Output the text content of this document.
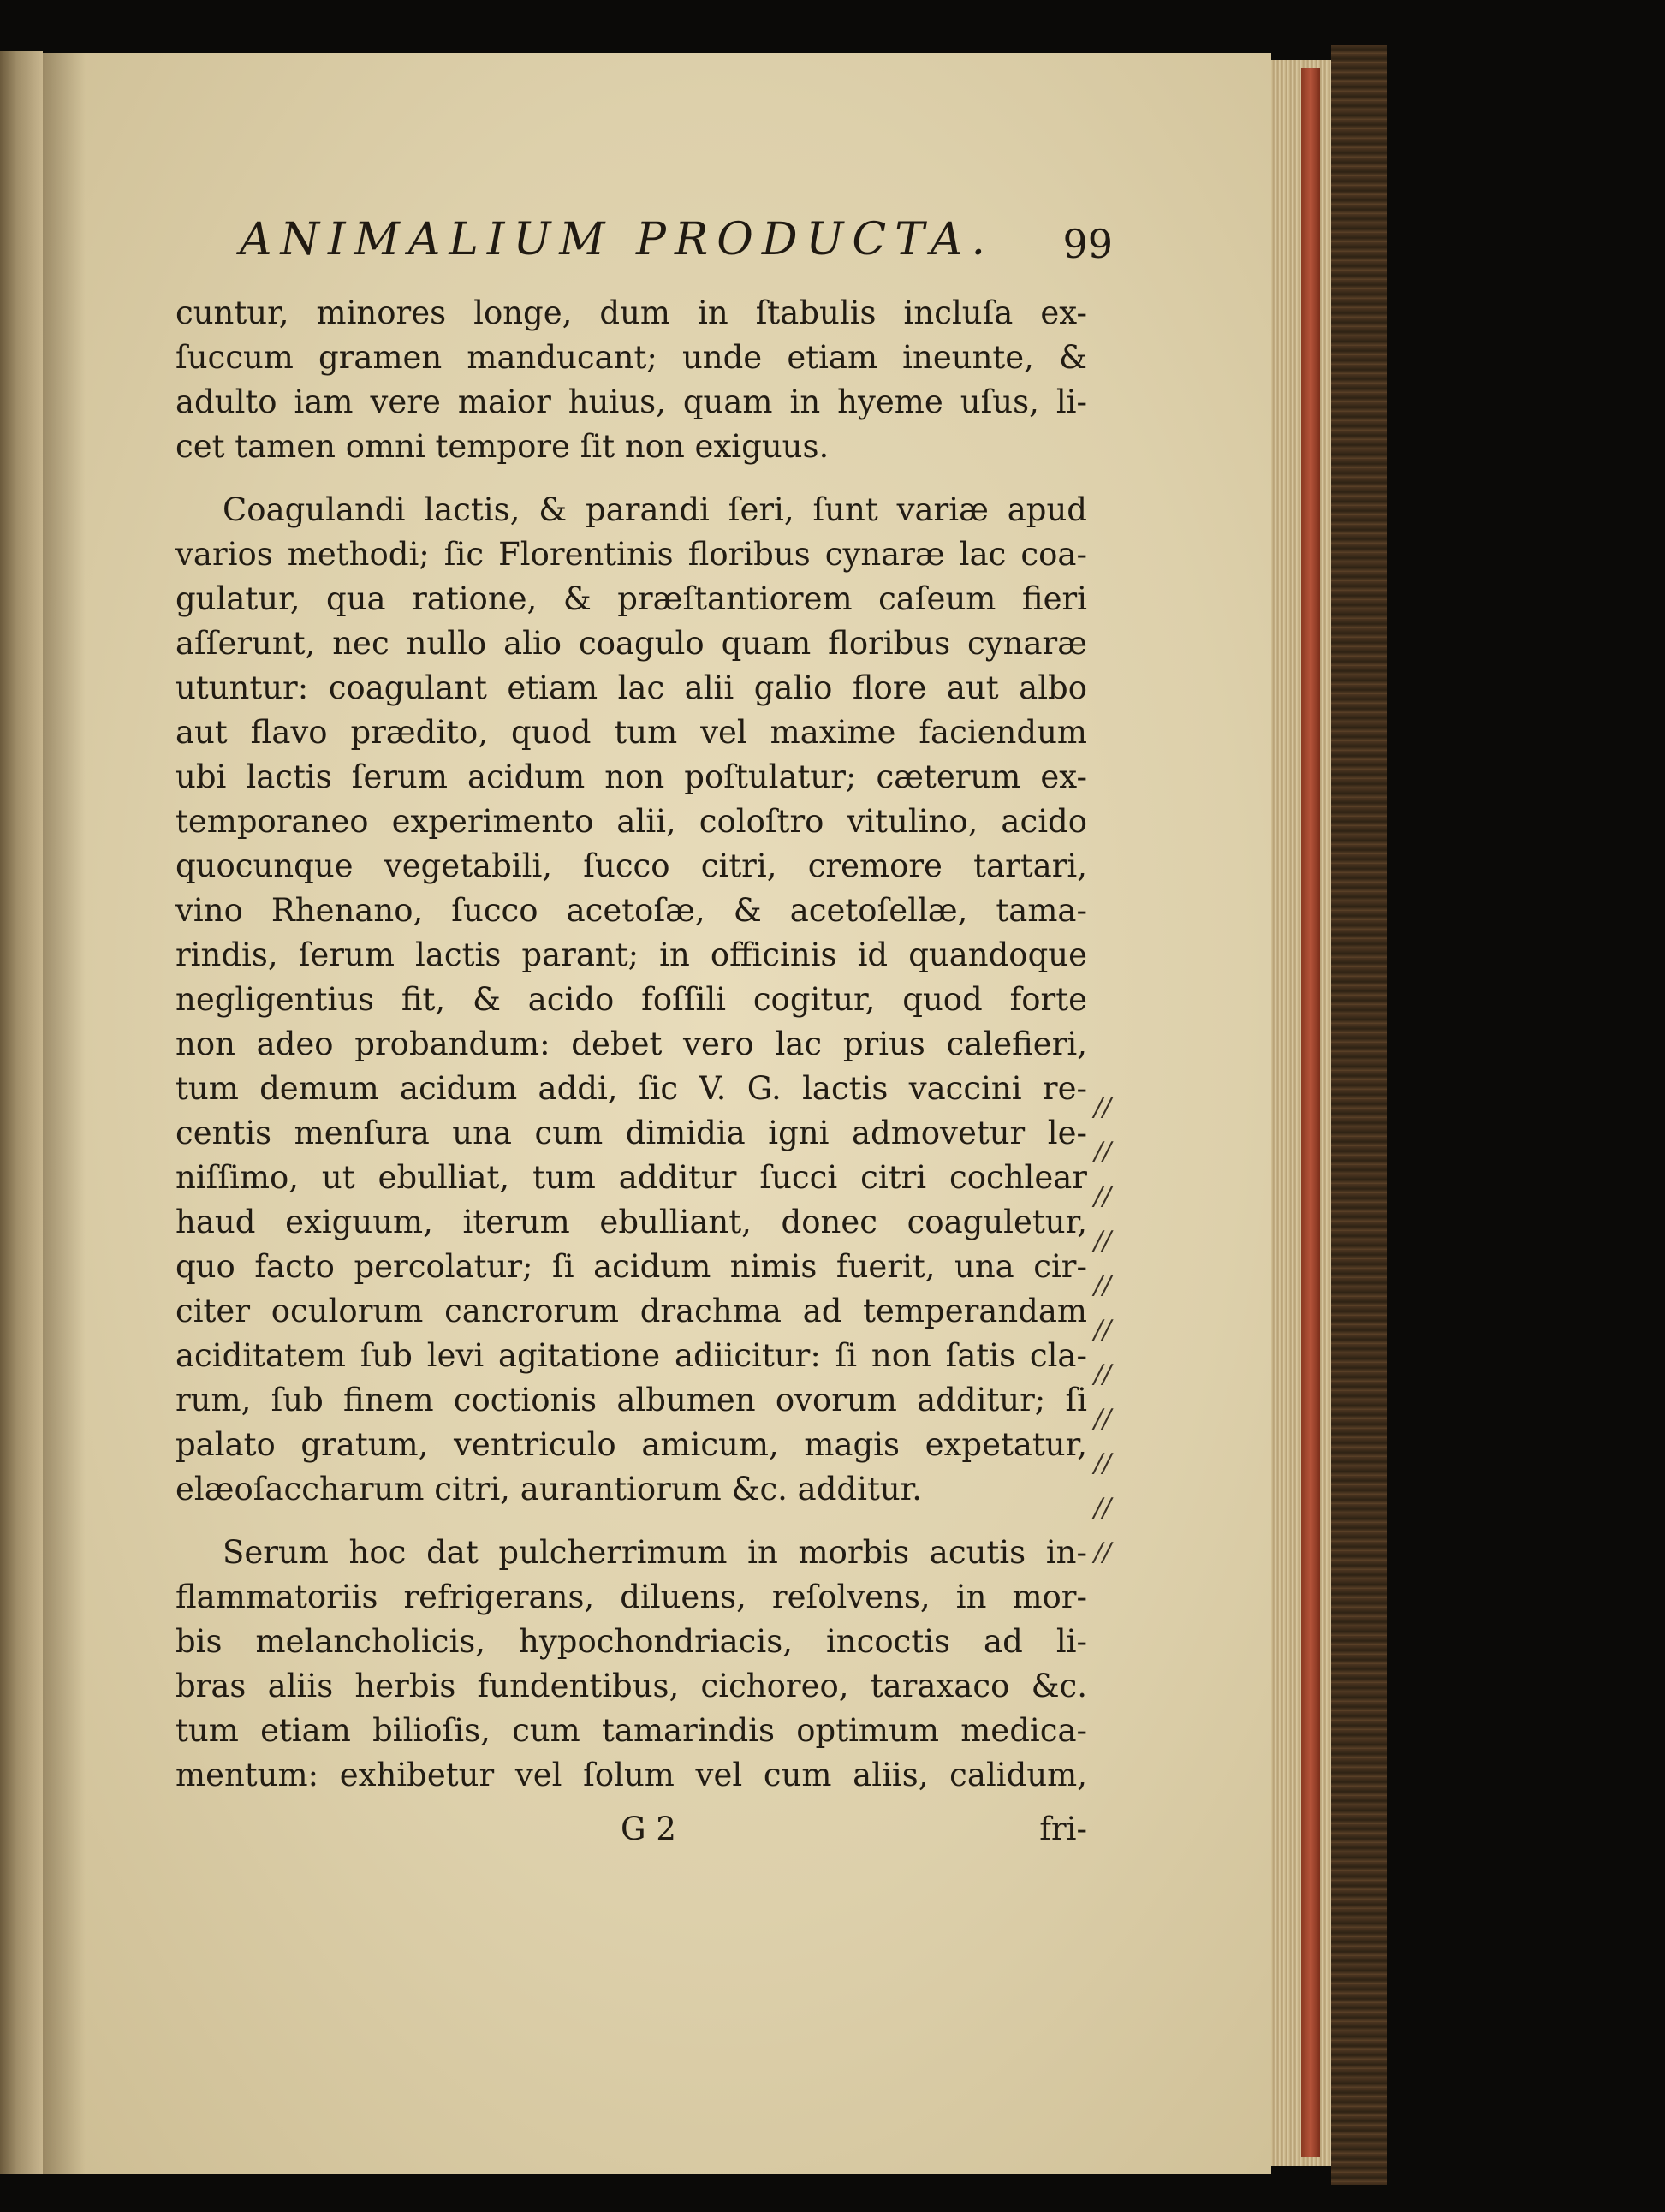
ANIMALIUM PRODUCTA. 99
cuntur, minores longe, dum in ſtabulis incluſa ex-
ſuccum gramen manducant; unde etiam ineunte, &
adulto iam vere maior huius, quam in hyeme uſus, li-
cet tamen omni tempore ſit non exiguus.
Coagulandi lactis, & parandi ſeri, ſunt variæ apud
varios methodi; ſic Florentinis floribus cynaræ lac coa-
gulatur, qua ratione, & præſtantiorem caſeum fieri
aſſerunt, nec nullo alio coagulo quam floribus cynaræ
utuntur: coagulant etiam lac alii galio flore aut albo
aut flavo prædito, quod tum vel maxime faciendum
ubi lactis ſerum acidum non poſtulatur; cæterum ex-
temporaneo experimento alii, coloſtro vitulino, acido
quocunque vegetabili, ſucco citri, cremore tartari,
vino Rhenano, ſucco acetoſæ, & acetoſellæ, tama-
rindis, ſerum lactis parant; in officinis id quandoque
negligentius fit, & acido foſſili cogitur, quod forte
non adeo probandum: debet vero lac prius calefieri,
tum demum acidum addi, ſic V. G. lactis vaccini re-
centis menſura una cum dimidia igni admovetur le-
niſſimo, ut ebulliat, tum additur ſucci citri cochlear
haud exiguum, iterum ebulliant, donec coaguletur,
quo facto percolatur; ſi acidum nimis fuerit, una cir-
citer oculorum cancrorum drachma ad temperandam
aciditatem ſub levi agitatione adiicitur: ſi non ſatis cla-
rum, ſub finem coctionis albumen ovorum additur; ſi
palato gratum, ventriculo amicum, magis expetatur,
elæoſaccharum citri, aurantiorum &c. additur.
Serum hoc dat pulcherrimum in morbis acutis in-
flammatoriis refrigerans, diluens, reſolvens, in mor-
bis melancholicis, hypochondriacis, incoctis ad li-
bras aliis herbis fundentibus, cichoreo, taraxaco &c.
tum etiam bilioſis, cum tamarindis optimum medica-
mentum: exhibetur vel ſolum vel cum aliis, calidum,
G 2	fri-
//
//
//
//
//
//
//
//
//
//
//
